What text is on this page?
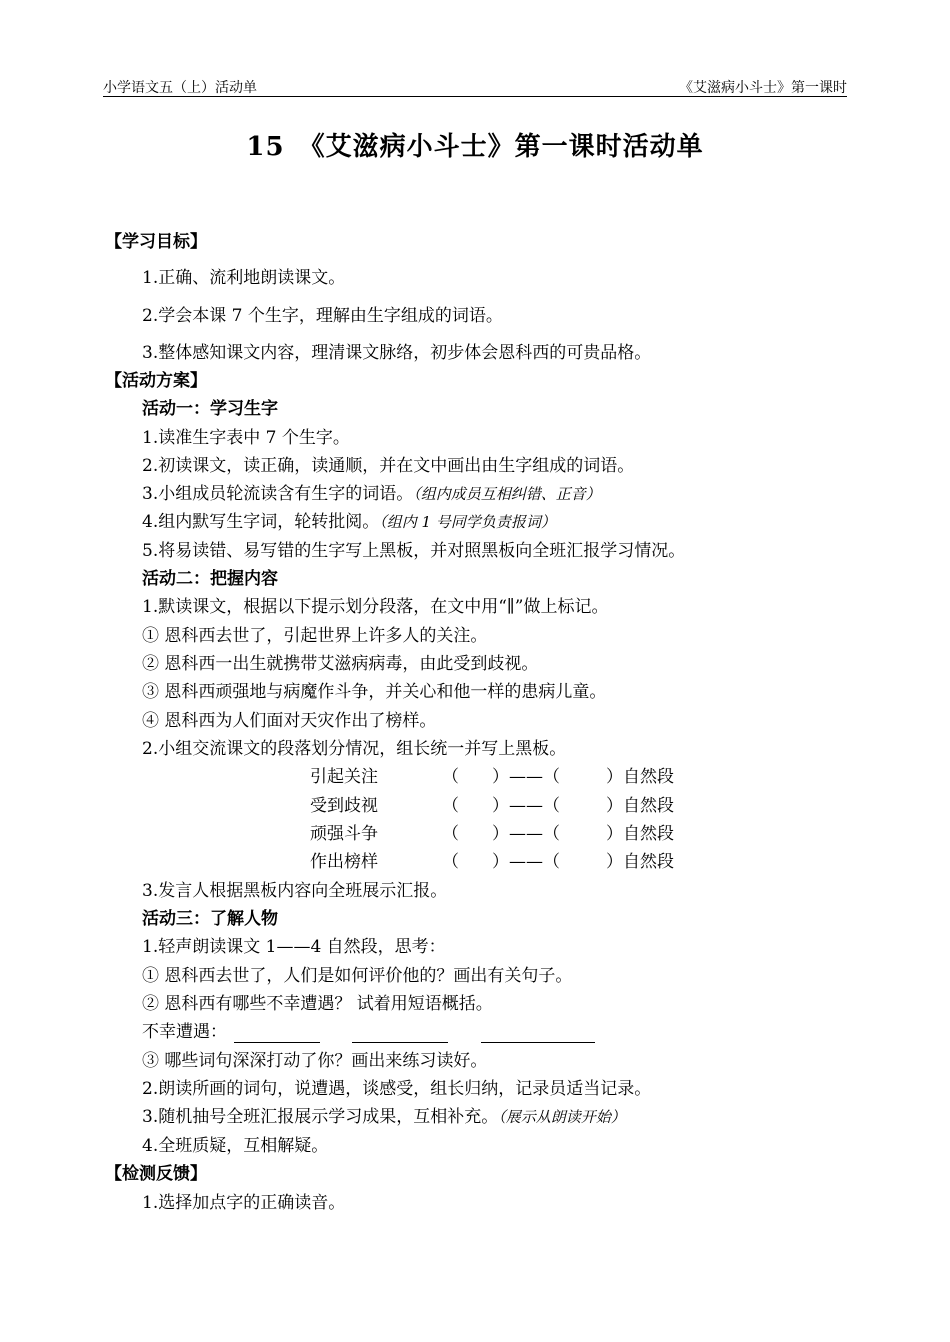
小学语文五（上）活动单	《艾滋病小斗士》第一课时
15 《艾滋病小斗士》第一课时活动单
【学习目标】
1.正确、流利地朗读课文。
2.学会本课 7 个生字，理解由生字组成的词语。
3.整体感知课文内容，理清课文脉络，初步体会恩科西的可贵品格。
【活动方案】
活动一：学习生字
1.读准生字表中 7 个生字。
2.初读课文，读正确，读通顺，并在文中画出由生字组成的词语。
3.小组成员轮流读含有生字的词语。（组内成员互相纠错、正音）
4.组内默写生字词，轮转批阅。（组内 1 号同学负责报词）
5.将易读错、易写错的生字写上黑板，并对照黑板向全班汇报学习情况。
活动二：把握内容
1.默读课文，根据以下提示划分段落，在文中用“∥”做上标记。
① 恩科西去世了，引起世界上许多人的关注。
② 恩科西一出生就携带艾滋病病毒，由此受到歧视。
③ 恩科西顽强地与病魔作斗争，并关心和他一样的患病儿童。
④ 恩科西为人们面对天灾作出了榜样。
2.小组交流课文的段落划分情况，组长统一并写上黑板。
引起关注	（ ）——（	）自然段
受到歧视	（ ）——（	）自然段
顽强斗争	（ ）——（	）自然段
作出榜样	（ ）——（	）自然段
3.发言人根据黑板内容向全班展示汇报。
活动三：了解人物
1.轻声朗读课文 1——4 自然段，思考：
① 恩科西去世了，人们是如何评价他的？画出有关句子。
② 恩科西有哪些不幸遭遇？ 试着用短语概括。
不幸遭遇：
③ 哪些词句深深打动了你？画出来练习读好。
2.朗读所画的词句，说遭遇，谈感受，组长归纳，记录员适当记录。
3.随机抽号全班汇报展示学习成果，互相补充。（展示从朗读开始）
4.全班质疑，互相解疑。
【检测反馈】
1.选择加点字的正确读音。
